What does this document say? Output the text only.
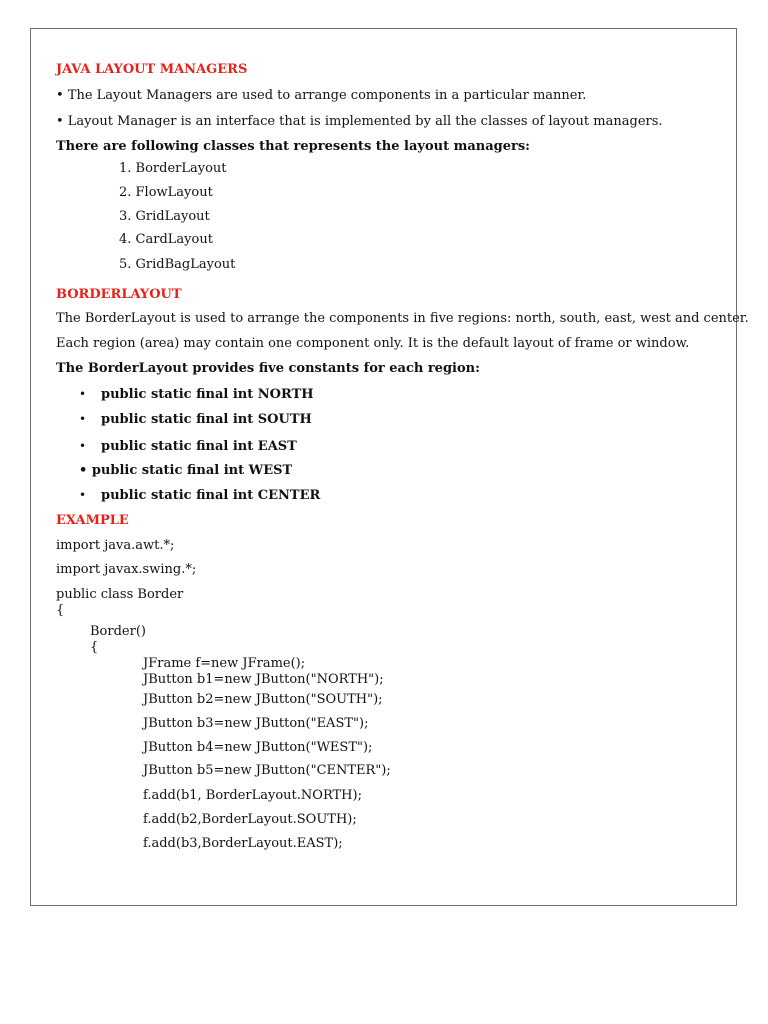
JAVA LAYOUT MANAGERS
• The Layout Managers are used to arrange components in a particular manner.
• Layout Manager is an interface that is implemented by all the classes of layout managers.
There are following classes that represents the layout managers:
1. BorderLayout
2. FlowLayout
3. GridLayout
4. CardLayout
5. GridBagLayout
BORDERLAYOUT
The BorderLayout is used to arrange the components in five regions: north, south, east, west and center.
Each region (area) may contain one component only. It is the default layout of frame or window.
The BorderLayout provides five constants for each region:
• public static final int NORTH
• public static final int SOUTH
• public static final int EAST
• public static final int WEST
• public static final int CENTER
EXAMPLE
import java.awt.*;
import javax.swing.*;
public class Border
{
Border()
{
JFrame f=new JFrame();
JButton b1=new JButton("NORTH");
JButton b2=new JButton("SOUTH");
JButton b3=new JButton("EAST");
JButton b4=new JButton("WEST");
JButton b5=new JButton("CENTER");
f.add(b1, BorderLayout.NORTH);
f.add(b2,BorderLayout.SOUTH);
f.add(b3,BorderLayout.EAST);
